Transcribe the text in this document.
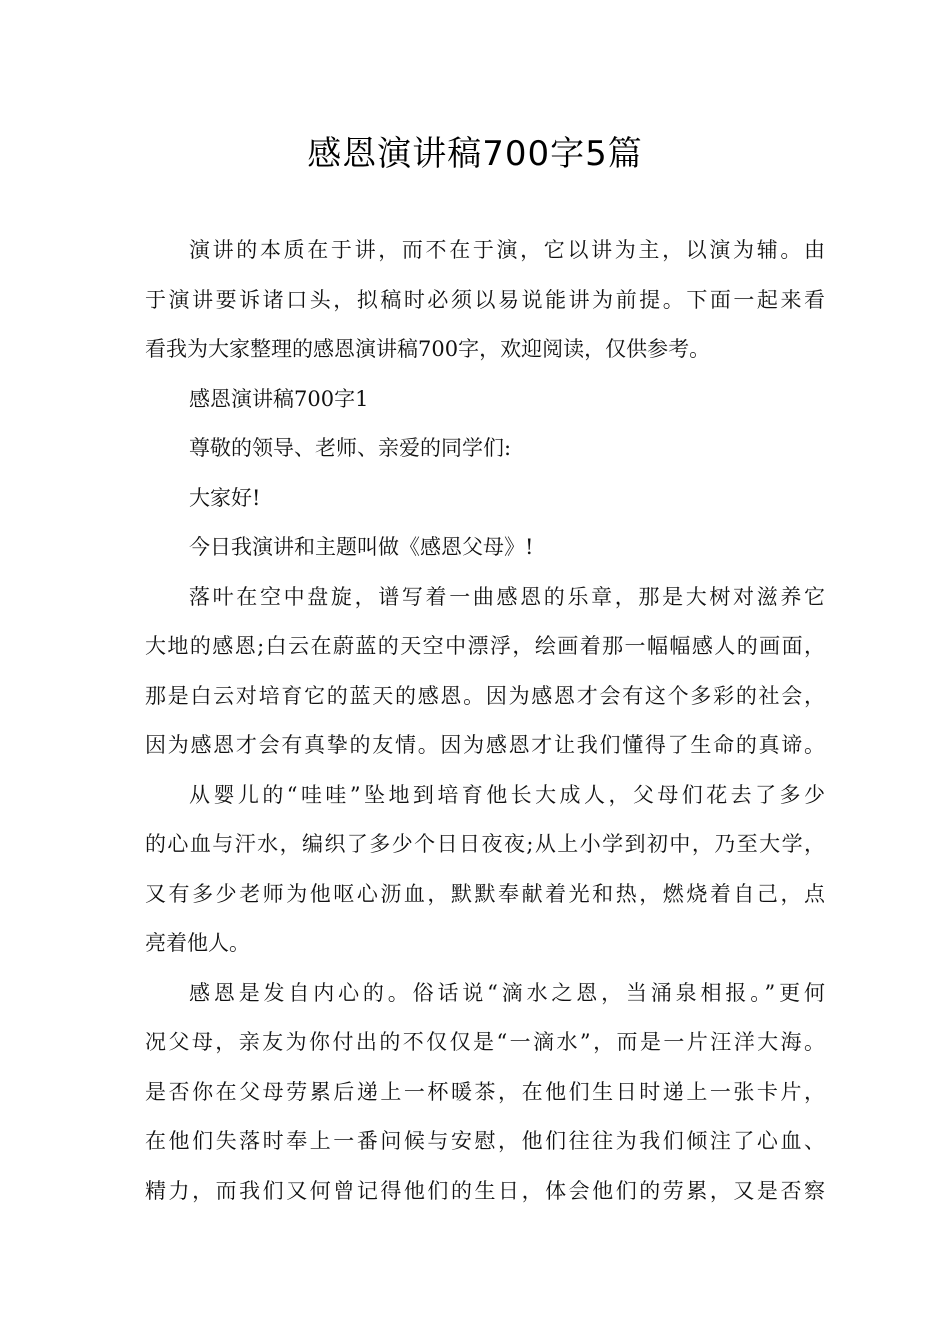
感恩演讲稿700字5篇
演讲的本质在于讲，而不在于演，它以讲为主，以演为辅。由
于演讲要诉诸口头，拟稿时必须以易说能讲为前提。下面一起来看
看我为大家整理的感恩演讲稿700字，欢迎阅读，仅供参考。
感恩演讲稿700字1
尊敬的领导、老师、亲爱的同学们:
大家好!
今日我演讲和主题叫做《感恩父母》!
落叶在空中盘旋，谱写着一曲感恩的乐章，那是大树对滋养它
大地的感恩;白云在蔚蓝的天空中漂浮，绘画着那一幅幅感人的画面，
那是白云对培育它的蓝天的感恩。因为感恩才会有这个多彩的社会，
因为感恩才会有真挚的友情。因为感恩才让我们懂得了生命的真谛。
从婴儿的“哇哇”坠地到培育他长大成人，父母们花去了多少
的心血与汗水，编织了多少个日日夜夜;从上小学到初中，乃至大学，
又有多少老师为他呕心沥血，默默奉献着光和热，燃烧着自己，点
亮着他人。
感恩是发自内心的。俗话说“滴水之恩，当涌泉相报。”更何
况父母，亲友为你付出的不仅仅是“一滴水”，而是一片汪洋大海。
是否你在父母劳累后递上一杯暖茶，在他们生日时递上一张卡片，
在他们失落时奉上一番问候与安慰，他们往往为我们倾注了心血、
精力，而我们又何曾记得他们的生日，体会他们的劳累，又是否察
